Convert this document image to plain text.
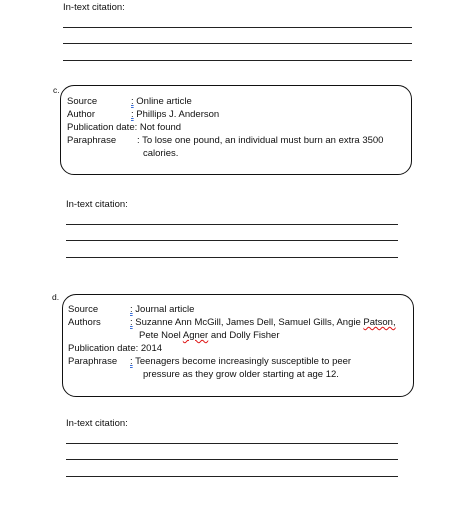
In-text citation:
c.
Source	: Online article
Author	: Phillips J. Anderson
Publication date: Not found
Paraphrase : To lose one pound, an individual must burn an extra 3500
calories.
In-text citation:
d.
Source	: Journal article
Authors	: Suzanne Ann McGill, James Dell, Samuel Gills, Angie Patson,
Pete Noel Agner and Dolly Fisher
Publication date: 2014
Paraphrase : Teenagers become increasingly susceptible to peer
pressure as they grow older starting at age 12.
In-text citation:
